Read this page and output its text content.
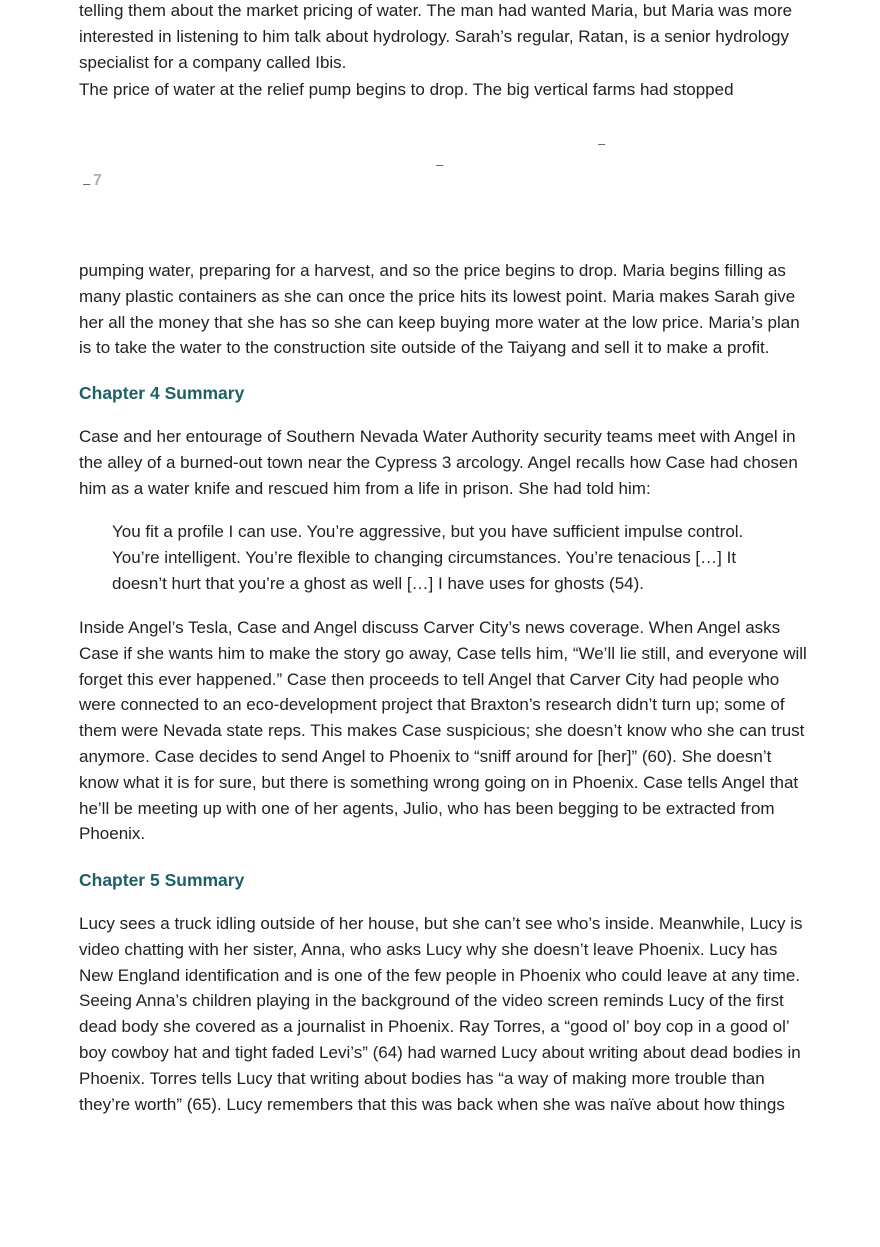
telling them about the market pricing of water. The man had wanted Maria, but Maria was more interested in listening to him talk about hydrology. Sarah’s regular, Ratan, is a senior hydrology specialist for a company called Ibis.

The price of water at the relief pump begins to drop. The big vertical farms had stopped

–
–
– 7

pumping water, preparing for a harvest, and so the price begins to drop. Maria begins filling as many plastic containers as she can once the price hits its lowest point. Maria makes Sarah give her all the money that she has so she can keep buying more water at the low price. Maria’s plan is to take the water to the construction site outside of the Taiyang and sell it to make a profit.

Chapter 4 Summary

Case and her entourage of Southern Nevada Water Authority security teams meet with Angel in the alley of a burned-out town near the Cypress 3 arcology. Angel recalls how Case had chosen him as a water knife and rescued him from a life in prison. She had told him:

You fit a profile I can use. You’re aggressive, but you have sufficient impulse control. You’re intelligent. You’re flexible to changing circumstances. You’re tenacious […] It doesn’t hurt that you’re a ghost as well […] I have uses for ghosts (54).

Inside Angel’s Tesla, Case and Angel discuss Carver City’s news coverage. When Angel asks Case if she wants him to make the story go away, Case tells him, “We’ll lie still, and everyone will forget this ever happened.” Case then proceeds to tell Angel that Carver City had people who were connected to an eco-development project that Braxton’s research didn’t turn up; some of them were Nevada state reps. This makes Case suspicious; she doesn’t know who she can trust anymore. Case decides to send Angel to Phoenix to “sniff around for [her]” (60). She doesn’t know what it is for sure, but there is something wrong going on in Phoenix. Case tells Angel that he’ll be meeting up with one of her agents, Julio, who has been begging to be extracted from Phoenix.

Chapter 5 Summary

Lucy sees a truck idling outside of her house, but she can’t see who’s inside. Meanwhile, Lucy is video chatting with her sister, Anna, who asks Lucy why she doesn’t leave Phoenix. Lucy has New England identification and is one of the few people in Phoenix who could leave at any time. Seeing Anna’s children playing in the background of the video screen reminds Lucy of the first dead body she covered as a journalist in Phoenix. Ray Torres, a “good ol’ boy cop in a good ol’ boy cowboy hat and tight faded Levi’s” (64) had warned Lucy about writing about dead bodies in Phoenix. Torres tells Lucy that writing about bodies has “a way of making more trouble than they’re worth” (65). Lucy remembers that this was back when she was naïve about how things
